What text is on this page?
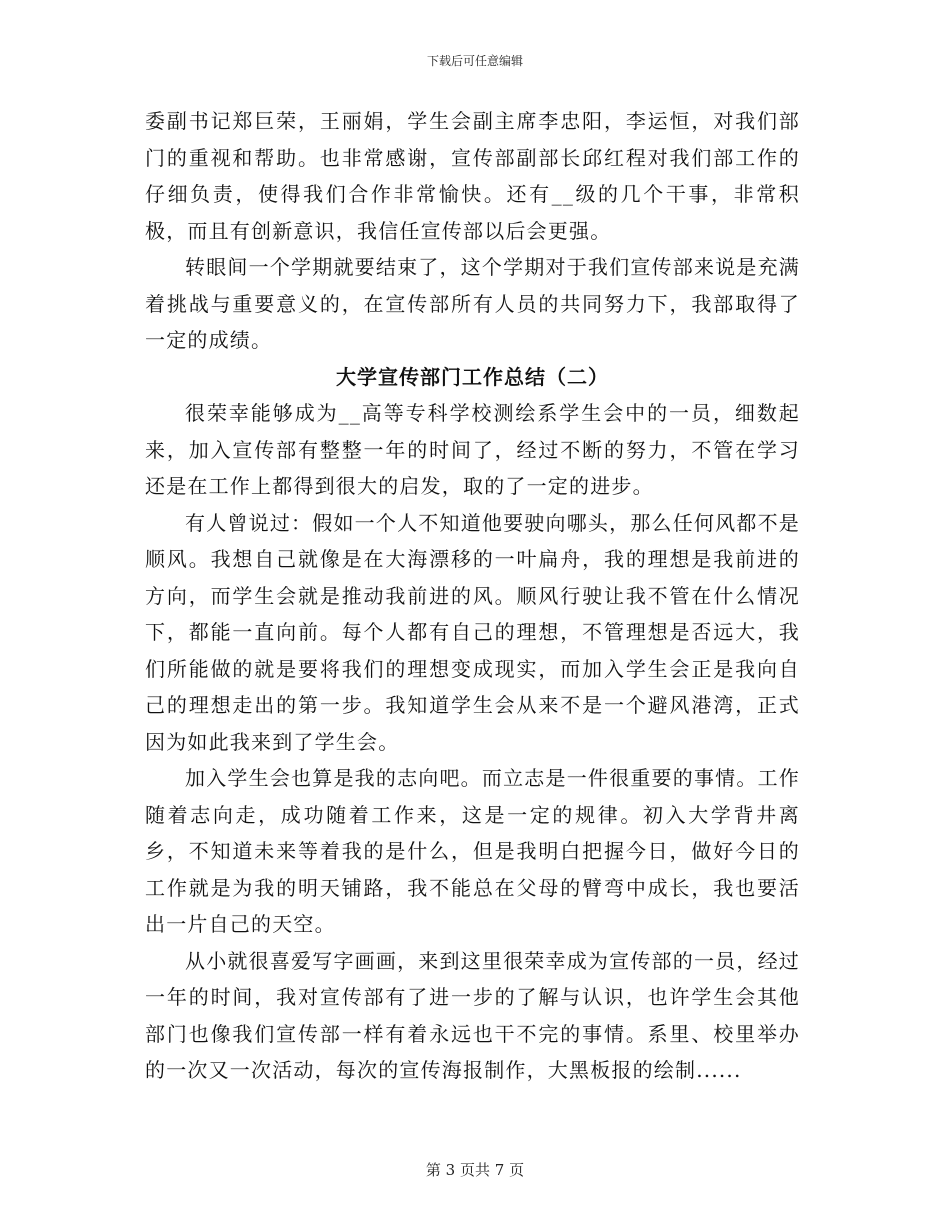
下载后可任意编辑

委副书记郑巨荣，王丽娟，学生会副主席李忠阳，李运恒，对我们部门的重视和帮助。也非常感谢，宣传部副部长邱红程对我们部工作的仔细负责，使得我们合作非常愉快。还有__级的几个干事，非常积极，而且有创新意识，我信任宣传部以后会更强。

转眼间一个学期就要结束了，这个学期对于我们宣传部来说是充满着挑战与重要意义的，在宣传部所有人员的共同努力下，我部取得了一定的成绩。

大学宣传部门工作总结（二）

很荣幸能够成为__高等专科学校测绘系学生会中的一员，细数起来，加入宣传部有整整一年的时间了，经过不断的努力，不管在学习还是在工作上都得到很大的启发，取的了一定的进步。

有人曾说过：假如一个人不知道他要驶向哪头，那么任何风都不是顺风。我想自己就像是在大海漂移的一叶扁舟，我的理想是我前进的方向，而学生会就是推动我前进的风。顺风行驶让我不管在什么情况下，都能一直向前。每个人都有自己的理想，不管理想是否远大，我们所能做的就是要将我们的理想变成现实，而加入学生会正是我向自己的理想走出的第一步。我知道学生会从来不是一个避风港湾，正式因为如此我来到了学生会。

加入学生会也算是我的志向吧。而立志是一件很重要的事情。工作随着志向走，成功随着工作来，这是一定的规律。初入大学背井离乡，不知道未来等着我的是什么，但是我明白把握今日，做好今日的工作就是为我的明天铺路，我不能总在父母的臂弯中成长，我也要活出一片自己的天空。

从小就很喜爱写字画画，来到这里很荣幸成为宣传部的一员，经过一年的时间，我对宣传部有了进一步的了解与认识，也许学生会其他部门也像我们宣传部一样有着永远也干不完的事情。系里、校里举办的一次又一次活动，每次的宣传海报制作，大黑板报的绘制......

第 3 页共 7 页
